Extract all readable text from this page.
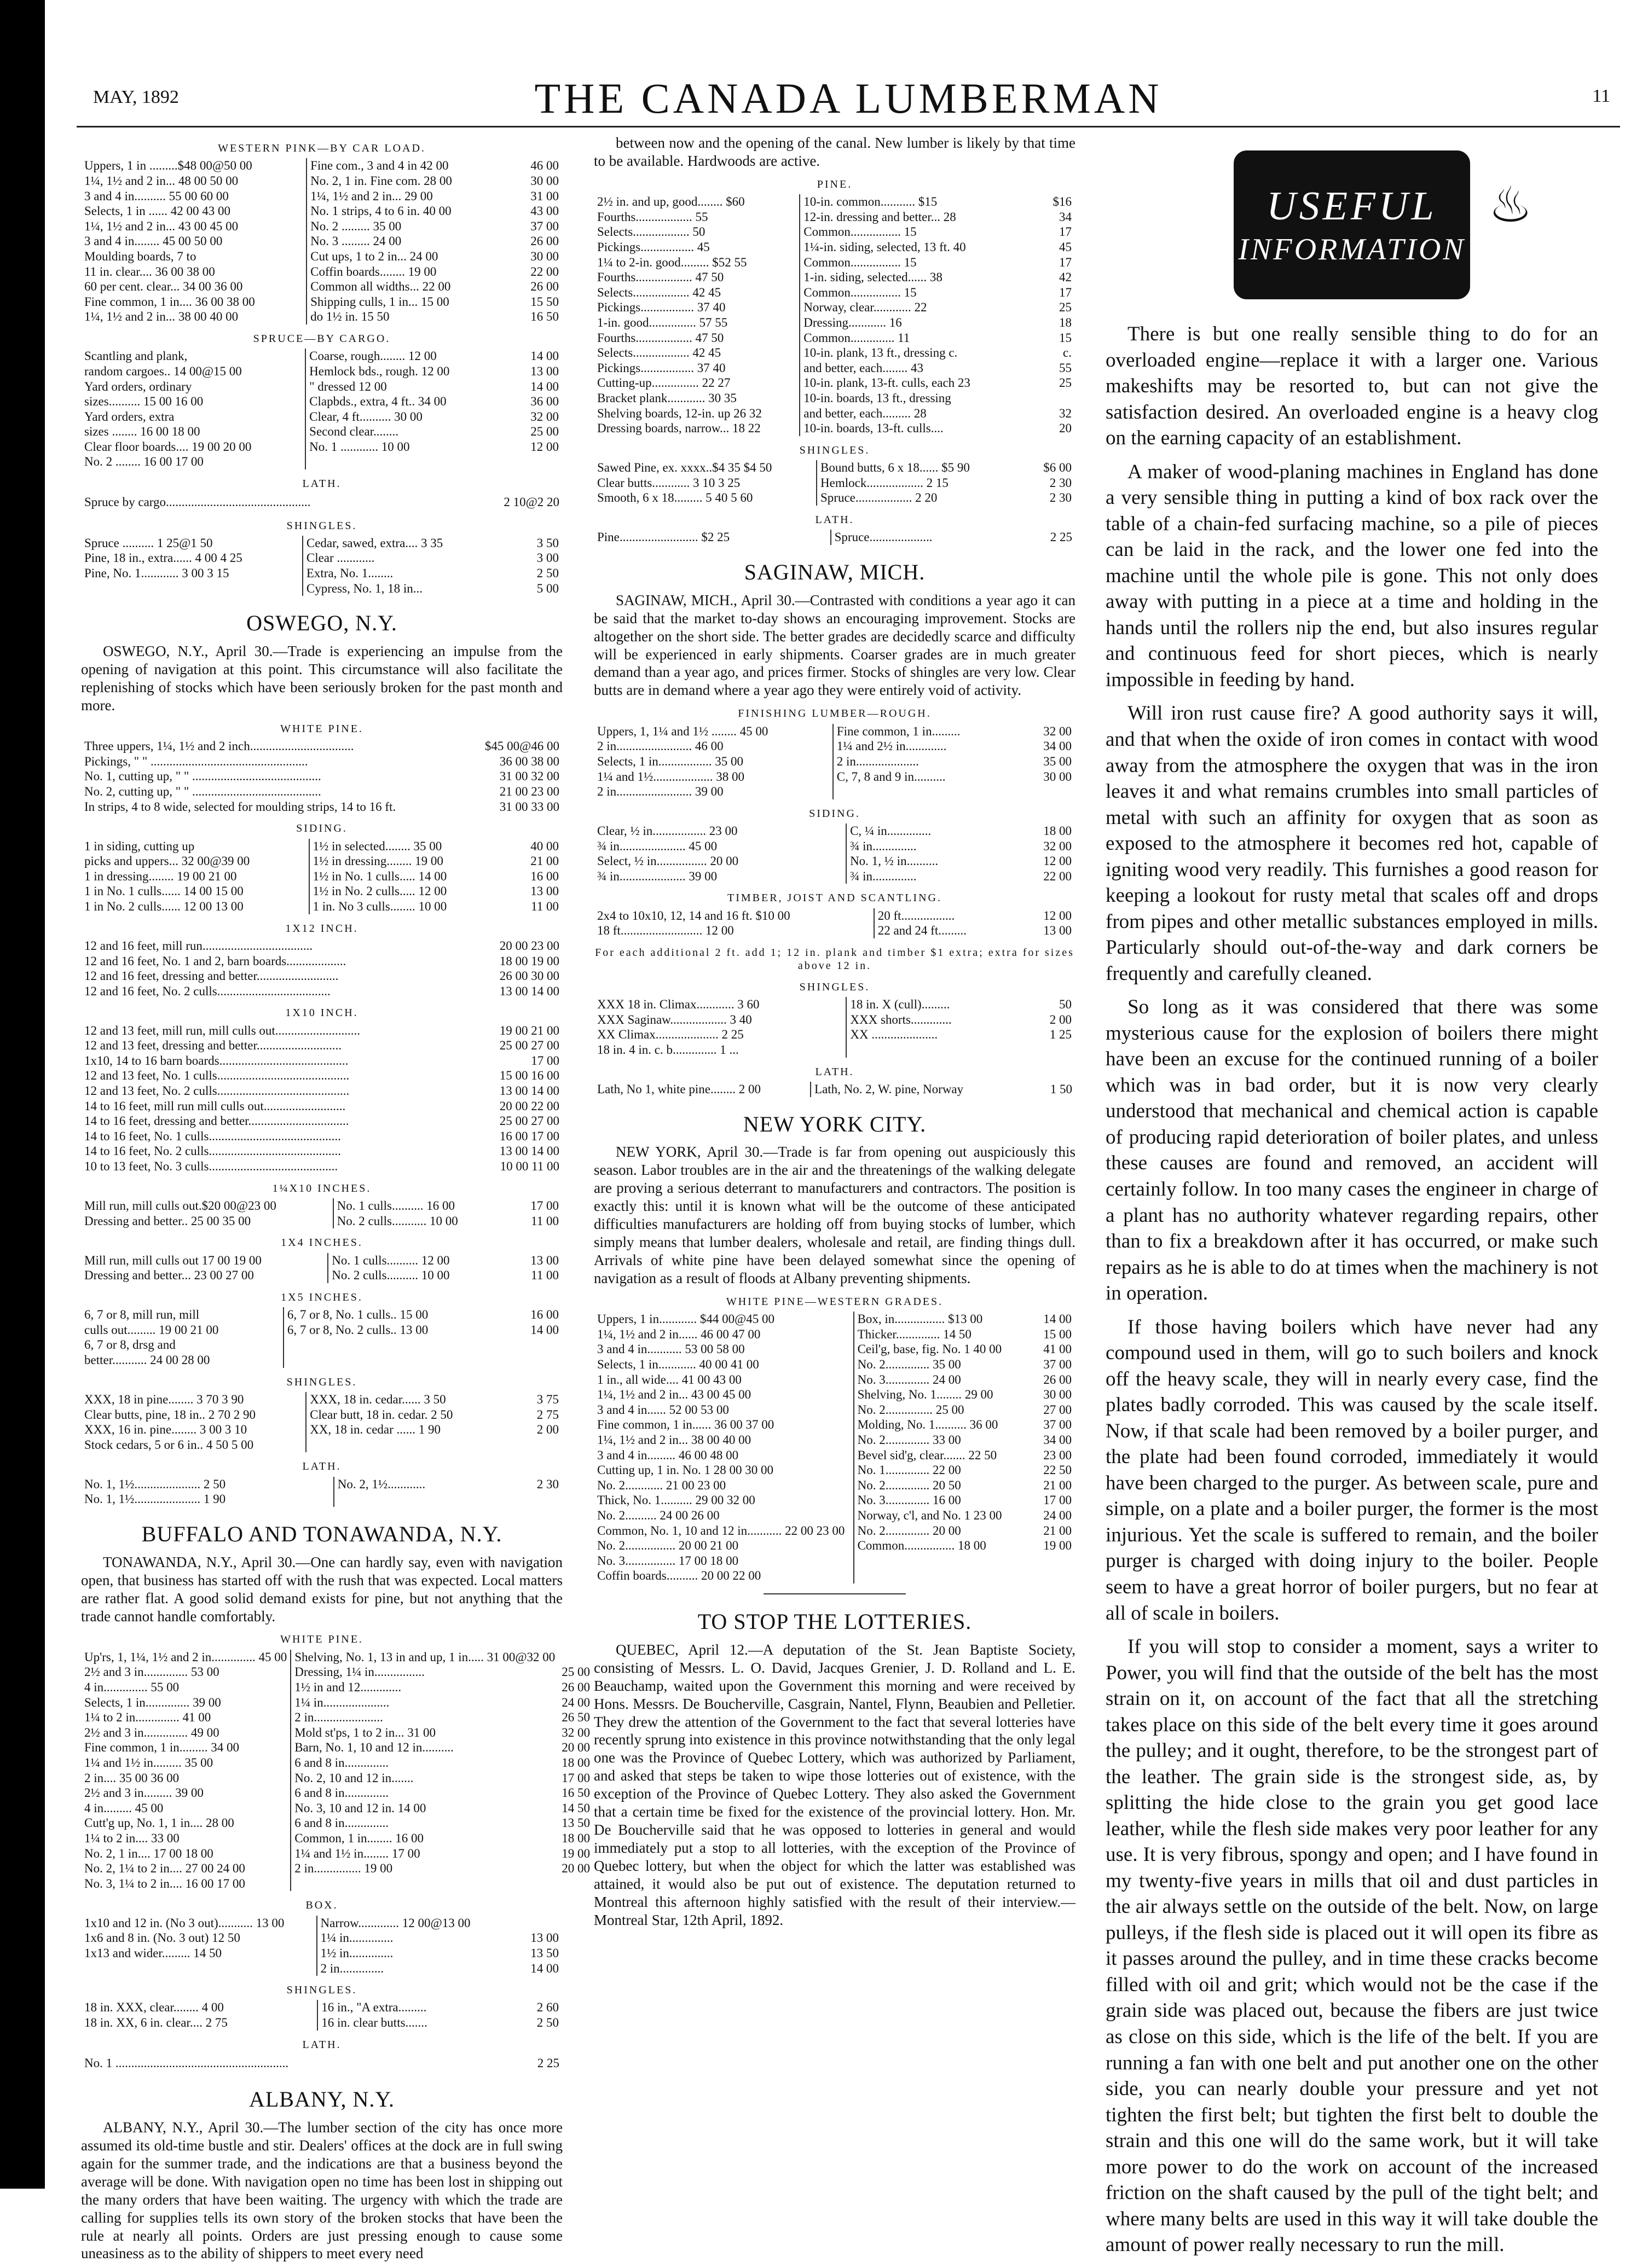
MAY, 1892	THE CANADA LUMBERMAN	11
WESTERN PINK—BY CAR LOAD.
Uppers, 1 in .........$48 00@50 00	Fine com., 3 and 4 in 42 00	46 00
1¼, 1½ and 2 in... 48 00 50 00	No. 2, 1 in. Fine com. 28 00	30 00
3 and 4 in.......... 55 00 60 00	1¼, 1½ and 2 in... 29 00	31 00
Selects, 1 in ...... 42 00 43 00	No. 1 strips, 4 to 6 in. 40 00	43 00
1¼, 1½ and 2 in... 43 00 45 00	No. 2 ......... 35 00	37 00
3 and 4 in........ 45 00 50 00	No. 3 ......... 24 00	26 00
Moulding boards, 7 to	Cut ups, 1 to 2 in... 24 00	30 00
11 in. clear.... 36 00 38 00	Coffin boards........ 19 00	22 00
60 per cent. clear... 34 00 36 00	Common all widths... 22 00	26 00
Fine common, 1 in.... 36 00 38 00	Shipping culls, 1 in... 15 00	15 50
1¼, 1½ and 2 in... 38 00 40 00	do 1½ in. 15 50	16 50
SPRUCE—BY CARGO.
Scantling and plank,	Coarse, rough........ 12 00	14 00
random cargoes.. 14 00@15 00	Hemlock bds., rough. 12 00	13 00
Yard orders, ordinary	" dressed 12 00	14 00
sizes.......... 15 00 16 00	Clapbds., extra, 4 ft.. 34 00	36 00
Yard orders, extra	Clear, 4 ft.......... 30 00	32 00
sizes ........ 16 00 18 00	Second clear........	25 00
Clear floor boards.... 19 00 20 00	No. 1 ............ 10 00	12 00
No. 2 ........ 16 00 17 00		
LATH.
Spruce by cargo..............................................	2 10@2 20
SHINGLES.
Spruce .......... 1 25@1 50	Cedar, sawed, extra.... 3 35	3 50
Pine, 18 in., extra...... 4 00 4 25	Clear ............	3 00
Pine, No. 1............ 3 00 3 15	Extra, No. 1........	2 50
	Cypress, No. 1, 18 in...	5 00
OSWEGO, N.Y.

OSWEGO, N.Y., April 30.—Trade is experiencing an impulse from the opening of navigation at this point. This circumstance will also facilitate the replenishing of stocks which have been seriously broken for the past month and more.

WHITE PINE.
Three uppers, 1¼, 1½ and 2 inch.................................	$45 00@46 00
Pickings, " " ..................................................	36 00 38 00
No. 1, cutting up, " " .........................................	31 00 32 00
No. 2, cutting up, " " .........................................	21 00 23 00
In strips, 4 to 8 wide, selected for moulding strips, 14 to 16 ft.	31 00 33 00
SIDING.
1 in siding, cutting up	1½ in selected........ 35 00	40 00
picks and uppers... 32 00@39 00	1½ in dressing........ 19 00	21 00
1 in dressing........ 19 00 21 00	1½ in No. 1 culls..... 14 00	16 00
1 in No. 1 culls...... 14 00 15 00	1½ in No. 2 culls..... 12 00	13 00
1 in No. 2 culls...... 12 00 13 00	1 in. No 3 culls........ 10 00	11 00
1X12 INCH.
12 and 16 feet, mill run...................................	20 00 23 00
12 and 16 feet, No. 1 and 2, barn boards...................	18 00 19 00
12 and 16 feet, dressing and better..........................	26 00 30 00
12 and 16 feet, No. 2 culls....................................	13 00 14 00
1X10 INCH.
12 and 13 feet, mill run, mill culls out...........................	19 00 21 00
12 and 13 feet, dressing and better...........................	25 00 27 00
1x10, 14 to 16 barn boards.........................................	17 00
12 and 13 feet, No. 1 culls..........................................	15 00 16 00
12 and 13 feet, No. 2 culls..........................................	13 00 14 00
14 to 16 feet, mill run mill culls out..........................	20 00 22 00
14 to 16 feet, dressing and better................................	25 00 27 00
14 to 16 feet, No. 1 culls..........................................	16 00 17 00
14 to 16 feet, No. 2 culls..........................................	13 00 14 00
10 to 13 feet, No. 3 culls.........................................	10 00 11 00
1¼X10 INCHES.
Mill run, mill culls out.$20 00@23 00	No. 1 culls.......... 16 00	17 00
Dressing and better.. 25 00 35 00	No. 2 culls........... 10 00	11 00
1X4 INCHES.
Mill run, mill culls out 17 00 19 00	No. 1 culls.......... 12 00	13 00
Dressing and better... 23 00 27 00	No. 2 culls.......... 10 00	11 00
1X5 INCHES.
6, 7 or 8, mill run, mill	6, 7 or 8, No. 1 culls.. 15 00	16 00
culls out......... 19 00 21 00	6, 7 or 8, No. 2 culls.. 13 00	14 00
6, 7 or 8, drsg and		
better........... 24 00 28 00		
SHINGLES.
XXX, 18 in pine........ 3 70 3 90	XXX, 18 in. cedar...... 3 50	3 75
Clear butts, pine, 18 in.. 2 70 2 90	Clear butt, 18 in. cedar. 2 50	2 75
XXX, 16 in. pine........ 3 00 3 10	XX, 18 in. cedar ...... 1 90	2 00
Stock cedars, 5 or 6 in.. 4 50 5 00		
LATH.
No. 1, 1½..................... 2 50	No. 2, 1½............	2 30
No. 1, 1½..................... 1 90		
BUFFALO AND TONAWANDA, N.Y.

TONAWANDA, N.Y., April 30.—One can hardly say, even with navigation open, that business has started off with the rush that was expected. Local matters are rather flat. A good solid demand exists for pine, but not anything that the trade cannot handle comfortably.

WHITE PINE.
Up'rs, 1, 1¼, 1½ and 2 in.............. 45 00	Shelving, No. 1, 13 in and up, 1 in..... 31 00@32 00	
2½ and 3 in.............. 53 00	Dressing, 1¼ in................	25 00
4 in.............. 55 00	1½ in and 12.............	26 00
Selects, 1 in.............. 39 00	1¼ in.....................	24 00
1¼ to 2 in.............. 41 00	2 in......................	26 50
2½ and 3 in.............. 49 00	Mold st'ps, 1 to 2 in... 31 00	32 00
Fine common, 1 in......... 34 00	Barn, No. 1, 10 and 12 in..........	20 00
1¼ and 1½ in......... 35 00	6 and 8 in..............	18 00
2 in.... 35 00 36 00	No. 2, 10 and 12 in.......	17 00
2½ and 3 in......... 39 00	6 and 8 in..............	16 50
4 in......... 45 00	No. 3, 10 and 12 in. 14 00	14 50
Cutt'g up, No. 1, 1 in.... 28 00	6 and 8 in..............	13 50
1¼ to 2 in.... 33 00	Common, 1 in........ 16 00	18 00
No. 2, 1 in.... 17 00 18 00	1¼ and 1½ in........ 17 00	19 00
No. 2, 1¼ to 2 in.... 27 00 24 00	2 in............... 19 00	20 00
No. 3, 1¼ to 2 in.... 16 00 17 00		
BOX.
1x10 and 12 in. (No 3 out)........... 13 00	Narrow............. 12 00@13 00	
1x6 and 8 in. (No. 3 out) 12 50	1¼ in..............	13 00
1x13 and wider......... 14 50	1½ in..............	13 50
	2 in..............	14 00
SHINGLES.
18 in. XXX, clear........ 4 00	16 in., "A extra.........	2 60
18 in. XX, 6 in. clear.... 2 75	16 in. clear butts.......	2 50
LATH.
No. 1 .......................................................	2 25
ALBANY, N.Y.

ALBANY, N.Y., April 30.—The lumber section of the city has once more assumed its old-time bustle and stir. Dealers' offices at the dock are in full swing again for the summer trade, and the indications are that a business beyond the average will be done. With navigation open no time has been lost in shipping out the many orders that have been waiting. The urgency with which the trade are calling for supplies tells its own story of the broken stocks that have been the rule at nearly all points. Orders are just pressing enough to cause some uneasiness as to the ability of shippers to meet every need

between now and the opening of the canal. New lumber is likely by that time to be available. Hardwoods are active.

PINE.
2½ in. and up, good........ $60	10-in. common........... $15	$16
Fourths.................. 55	12-in. dressing and better... 28	34
Selects.................. 50	Common................ 15	17
Pickings................. 45	1¼-in. siding, selected, 13 ft. 40	45
1¼ to 2-in. good......... $52 55	Common................ 15	17
Fourths.................. 47 50	1-in. siding, selected...... 38	42
Selects.................. 42 45	Common................ 15	17
Pickings................. 37 40	Norway, clear............ 22	25
1-in. good............... 57 55	Dressing............ 16	18
Fourths.................. 47 50	Common.............. 11	15
Selects.................. 42 45	10-in. plank, 13 ft., dressing c.	c.
Pickings................. 37 40	and better, each........ 43	55
Cutting-up............... 22 27	10-in. plank, 13-ft. culls, each 23	25
Bracket plank............ 30 35	10-in. boards, 13 ft., dressing	
Shelving boards, 12-in. up 26 32	and better, each......... 28	32
Dressing boards, narrow... 18 22	10-in. boards, 13-ft. culls....	20
SHINGLES.
Sawed Pine, ex. xxxx..$4 35 $4 50	Bound butts, 6 x 18...... $5 90	$6 00
Clear butts............ 3 10 3 25	Hemlock.................. 2 15	2 30
Smooth, 6 x 18......... 5 40 5 60	Spruce.................. 2 20	2 30
LATH.
Pine......................... $2 25	Spruce....................	2 25
SAGINAW, MICH.

SAGINAW, MICH., April 30.—Contrasted with conditions a year ago it can be said that the market to-day shows an encouraging improvement. Stocks are altogether on the short side. The better grades are decidedly scarce and difficulty will be experienced in early shipments. Coarser grades are in much greater demand than a year ago, and prices firmer. Stocks of shingles are very low. Clear butts are in demand where a year ago they were entirely void of activity.

FINISHING LUMBER—ROUGH.
Uppers, 1, 1¼ and 1½ ........ 45 00	Fine common, 1 in.........	32 00
2 in........................ 46 00	1¼ and 2½ in.............	34 00
Selects, 1 in................. 35 00	2 in....................	35 00
1¼ and 1½................... 38 00	C, 7, 8 and 9 in..........	30 00
2 in........................ 39 00		
SIDING.
Clear, ½ in................. 23 00	C, ¼ in..............	18 00
¾ in..................... 45 00	¾ in..............	32 00
Select, ½ in................ 20 00	No. 1, ½ in..........	12 00
¾ in..................... 39 00	¾ in..............	22 00
TIMBER, JOIST AND SCANTLING.
2x4 to 10x10, 12, 14 and 16 ft. $10 00	20 ft.................	12 00
18 ft.......................... 12 00	22 and 24 ft.........	13 00
For each additional 2 ft. add 1; 12 in. plank and timber $1 extra; extra for sizes above 12 in.
SHINGLES.
XXX 18 in. Climax............ 3 60	18 in. X (cull).........	50
XXX Saginaw.................. 3 40	XXX shorts.............	2 00
XX Climax.................... 2 25	XX .....................	1 25
18 in. 4 in. c. b.............. 1 ...		
LATH.
Lath, No 1, white pine........ 2 00	Lath, No. 2, W. pine, Norway	1 50
NEW YORK CITY.

NEW YORK, April 30.—Trade is far from opening out auspiciously this season. Labor troubles are in the air and the threatenings of the walking delegate are proving a serious deterrant to manufacturers and contractors. The position is exactly this: until it is known what will be the outcome of these anticipated difficulties manufacturers are holding off from buying stocks of lumber, which simply means that lumber dealers, wholesale and retail, are finding things dull. Arrivals of white pine have been delayed somewhat since the opening of navigation as a result of floods at Albany preventing shipments.

WHITE PINE—WESTERN GRADES.
Uppers, 1 in............ $44 00@45 00	Box, in................ $13 00	14 00
1¼, 1½ and 2 in...... 46 00 47 00	Thicker.............. 14 50	15 00
3 and 4 in........... 53 00 58 00	Ceil'g, base, fig. No. 1 40 00	41 00
Selects, 1 in............ 40 00 41 00	No. 2.............. 35 00	37 00
1 in., all wide.... 41 00 43 00	No. 3.............. 24 00	26 00
1¼, 1½ and 2 in... 43 00 45 00	Shelving, No. 1........ 29 00	30 00
3 and 4 in...... 52 00 53 00	No. 2............... 25 00	27 00
Fine common, 1 in...... 36 00 37 00	Molding, No. 1.......... 36 00	37 00
1¼, 1½ and 2 in... 38 00 40 00	No. 2.............. 33 00	34 00
3 and 4 in......... 46 00 48 00	Bevel sid'g, clear....... 22 50	23 00
Cutting up, 1 in. No. 1 28 00 30 00	No. 1.............. 22 00	22 50
No. 2............ 21 00 23 00	No. 2.............. 20 50	21 00
Thick, No. 1.......... 29 00 32 00	No. 3.............. 16 00	17 00
No. 2.......... 24 00 26 00	Norway, c'l, and No. 1 23 00	24 00
Common, No. 1, 10 and 12 in........... 22 00 23 00	No. 2.............. 20 00	21 00
No. 2................ 20 00 21 00	Common................ 18 00	19 00
No. 3................ 17 00 18 00		
Coffin boards.......... 20 00 22 00		
TO STOP THE LOTTERIES.

QUEBEC, April 12.—A deputation of the St. Jean Baptiste Society, consisting of Messrs. L. O. David, Jacques Grenier, J. D. Rolland and L. E. Beauchamp, waited upon the Government this morning and were received by Hons. Messrs. De Boucherville, Casgrain, Nantel, Flynn, Beaubien and Pelletier. They drew the attention of the Government to the fact that several lotteries have recently sprung into existence in this province notwithstanding that the only legal one was the Province of Quebec Lottery, which was authorized by Parliament, and asked that steps be taken to wipe those lotteries out of existence, with the exception of the Province of Quebec Lottery. They also asked the Government that a certain time be fixed for the existence of the provincial lottery. Hon. Mr. De Boucherville said that he was opposed to lotteries in general and would immediately put a stop to all lotteries, with the exception of the Province of Quebec lottery, but when the object for which the latter was established was attained, it would also be put out of existence. The deputation returned to Montreal this afternoon highly satisfied with the result of their interview.—Montreal Star, 12th April, 1892.

USEFUL
INFORMATION
♨

There is but one really sensible thing to do for an overloaded engine—replace it with a larger one. Various makeshifts may be resorted to, but can not give the satisfaction desired. An overloaded engine is a heavy clog on the earning capacity of an establishment.

A maker of wood-planing machines in England has done a very sensible thing in putting a kind of box rack over the table of a chain-fed surfacing machine, so a pile of pieces can be laid in the rack, and the lower one fed into the machine until the whole pile is gone. This not only does away with putting in a piece at a time and holding in the hands until the rollers nip the end, but also insures regular and continuous feed for short pieces, which is nearly impossible in feeding by hand.

Will iron rust cause fire? A good authority says it will, and that when the oxide of iron comes in contact with wood away from the atmosphere the oxygen that was in the iron leaves it and what remains crumbles into small particles of metal with such an affinity for oxygen that as soon as exposed to the atmosphere it becomes red hot, capable of igniting wood very readily. This furnishes a good reason for keeping a lookout for rusty metal that scales off and drops from pipes and other metallic substances employed in mills. Particularly should out-of-the-way and dark corners be frequently and carefully cleaned.

So long as it was considered that there was some mysterious cause for the explosion of boilers there might have been an excuse for the continued running of a boiler which was in bad order, but it is now very clearly understood that mechanical and chemical action is capable of producing rapid deterioration of boiler plates, and unless these causes are found and removed, an accident will certainly follow. In too many cases the engineer in charge of a plant has no authority whatever regarding repairs, other than to fix a breakdown after it has occurred, or make such repairs as he is able to do at times when the machinery is not in operation.

If those having boilers which have never had any compound used in them, will go to such boilers and knock off the heavy scale, they will in nearly every case, find the plates badly corroded. This was caused by the scale itself. Now, if that scale had been removed by a boiler purger, and the plate had been found corroded, immediately it would have been charged to the purger. As between scale, pure and simple, on a plate and a boiler purger, the former is the most injurious. Yet the scale is suffered to remain, and the boiler purger is charged with doing injury to the boiler. People seem to have a great horror of boiler purgers, but no fear at all of scale in boilers.

If you will stop to consider a moment, says a writer to Power, you will find that the outside of the belt has the most strain on it, on account of the fact that all the stretching takes place on this side of the belt every time it goes around the pulley; and it ought, therefore, to be the strongest part of the leather. The grain side is the strongest side, as, by splitting the hide close to the grain you get good lace leather, while the flesh side makes very poor leather for any use. It is very fibrous, spongy and open; and I have found in my twenty-five years in mills that oil and dust particles in the air always settle on the outside of the belt. Now, on large pulleys, if the flesh side is placed out it will open its fibre as it passes around the pulley, and in time these cracks become filled with oil and grit; which would not be the case if the grain side was placed out, because the fibers are just twice as close on this side, which is the life of the belt. If you are running a fan with one belt and put another one on the other side, you can nearly double your pressure and yet not tighten the first belt; but tighten the first belt to double the strain and this one will do the same work, but it will take more power to do the work on account of the increased friction on the shaft caused by the pull of the tight belt; and where many belts are used in this way it will take double the amount of power really necessary to run the mill.
